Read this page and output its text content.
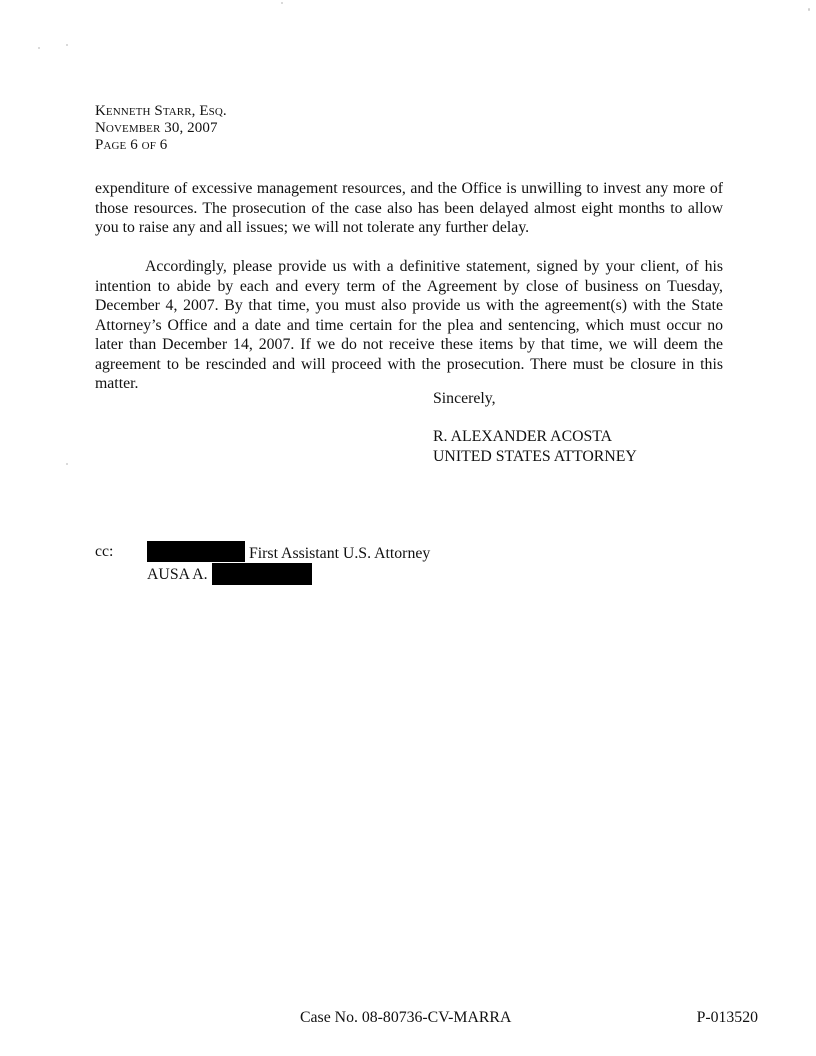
Kenneth Starr, Esq.
November 30, 2007
Page 6 of 6

expenditure of excessive management resources, and the Office is unwilling to invest any more of those resources. The prosecution of the case also has been delayed almost eight months to allow you to raise any and all issues; we will not tolerate any further delay.

Accordingly, please provide us with a definitive statement, signed by your client, of his intention to abide by each and every term of the Agreement by close of business on Tuesday, December 4, 2007. By that time, you must also provide us with the agreement(s) with the State Attorney’s Office and a date and time certain for the plea and sentencing, which must occur no later than December 14, 2007. If we do not receive these items by that time, we will deem the agreement to be rescinded and will proceed with the prosecution. There must be closure in this matter.

Sincerely,
R. ALEXANDER ACOSTA
UNITED STATES ATTORNEY
cc:	First Assistant U.S. Attorney
AUSA A.
Case No. 08-80736-CV-MARRA	P-013520
